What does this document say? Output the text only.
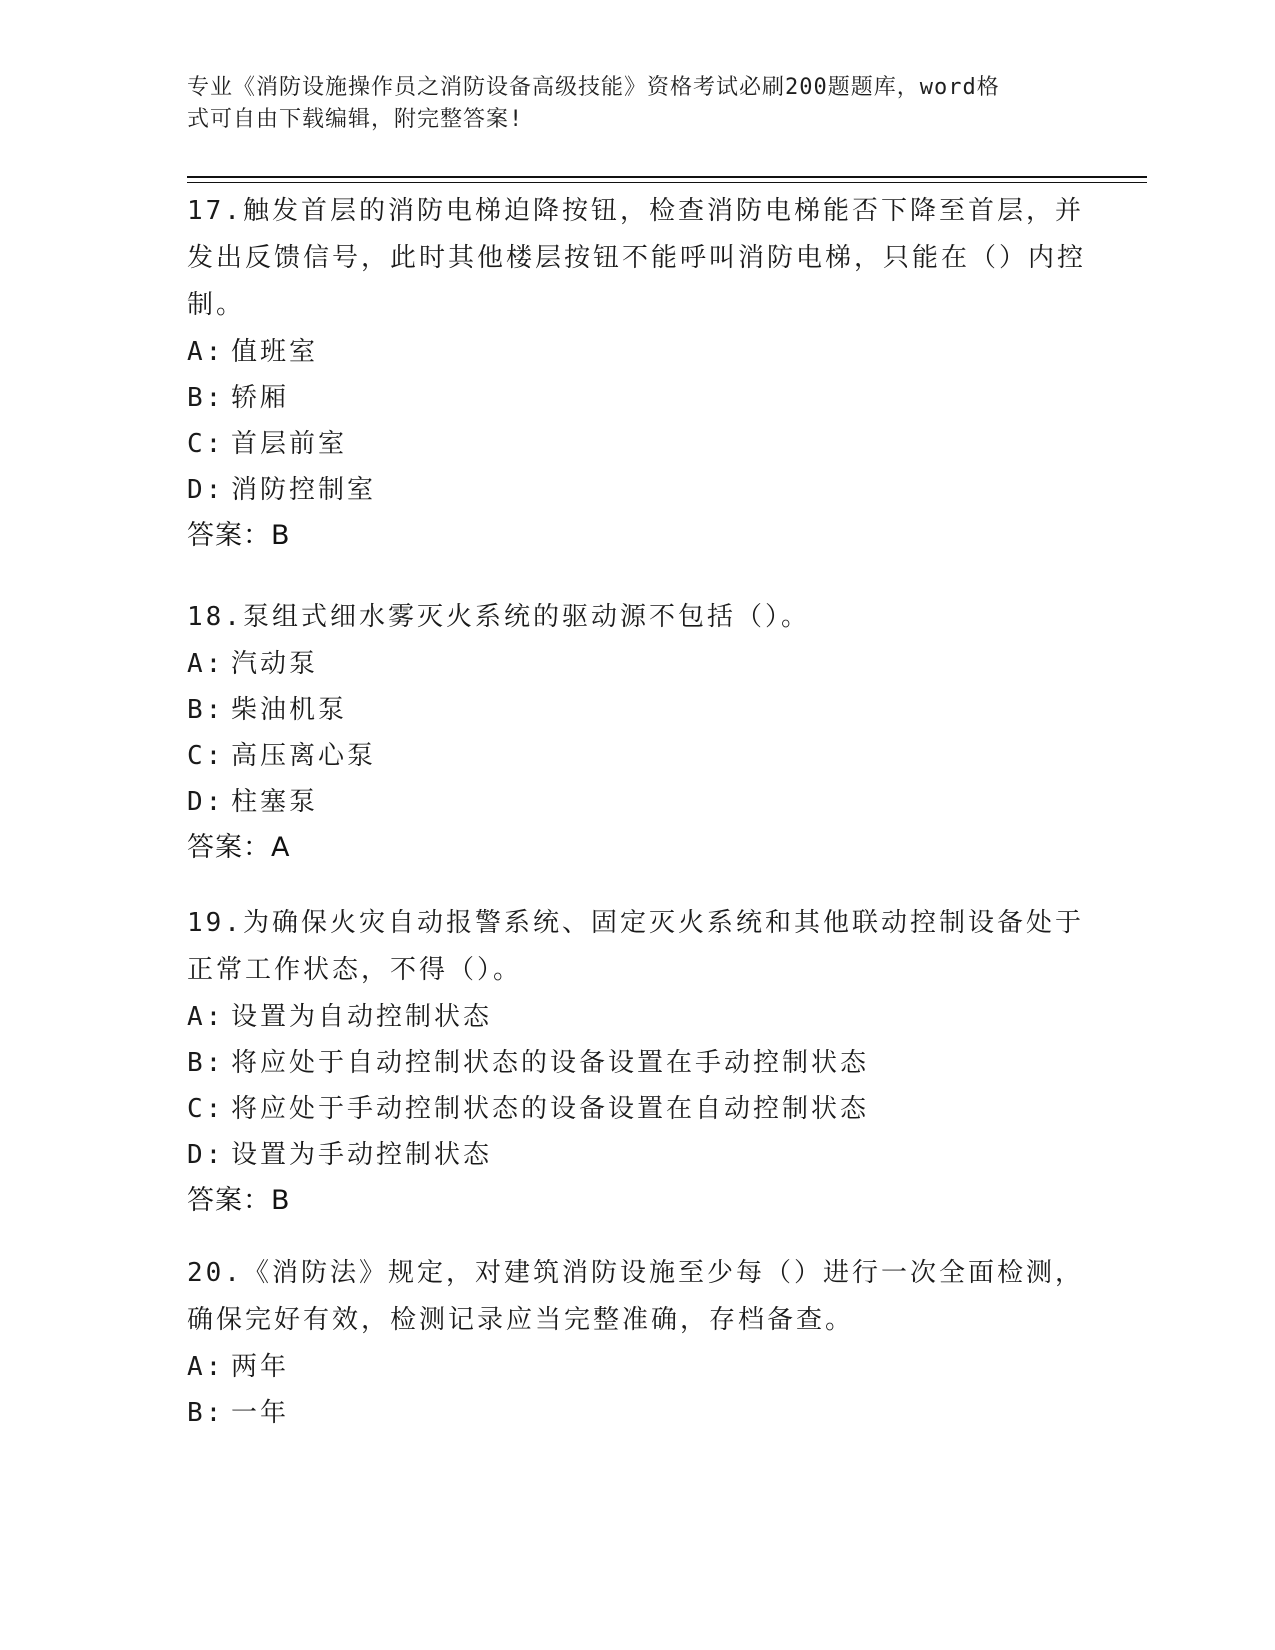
专业《消防设施操作员之消防设备高级技能》资格考试必刷200题题库，word格
式可自由下载编辑，附完整答案!

17.触发首层的消防电梯迫降按钮，检查消防电梯能否下降至首层，并发出反馈信号，此时其他楼层按钮不能呼叫消防电梯，只能在（）内控制。

A: 值班室

B: 轿厢

C: 首层前室

D: 消防控制室

答案：B

18.泵组式细水雾灭火系统的驱动源不包括（）。

A: 汽动泵

B: 柴油机泵

C: 高压离心泵

D: 柱塞泵

答案：A

19.为确保火灾自动报警系统、固定灭火系统和其他联动控制设备处于正常工作状态，不得（）。

A: 设置为自动控制状态

B: 将应处于自动控制状态的设备设置在手动控制状态

C: 将应处于手动控制状态的设备设置在自动控制状态

D: 设置为手动控制状态

答案：B

20.《消防法》规定，对建筑消防设施至少每（）进行一次全面检测，确保完好有效，检测记录应当完整准确，存档备查。

A: 两年

B: 一年
